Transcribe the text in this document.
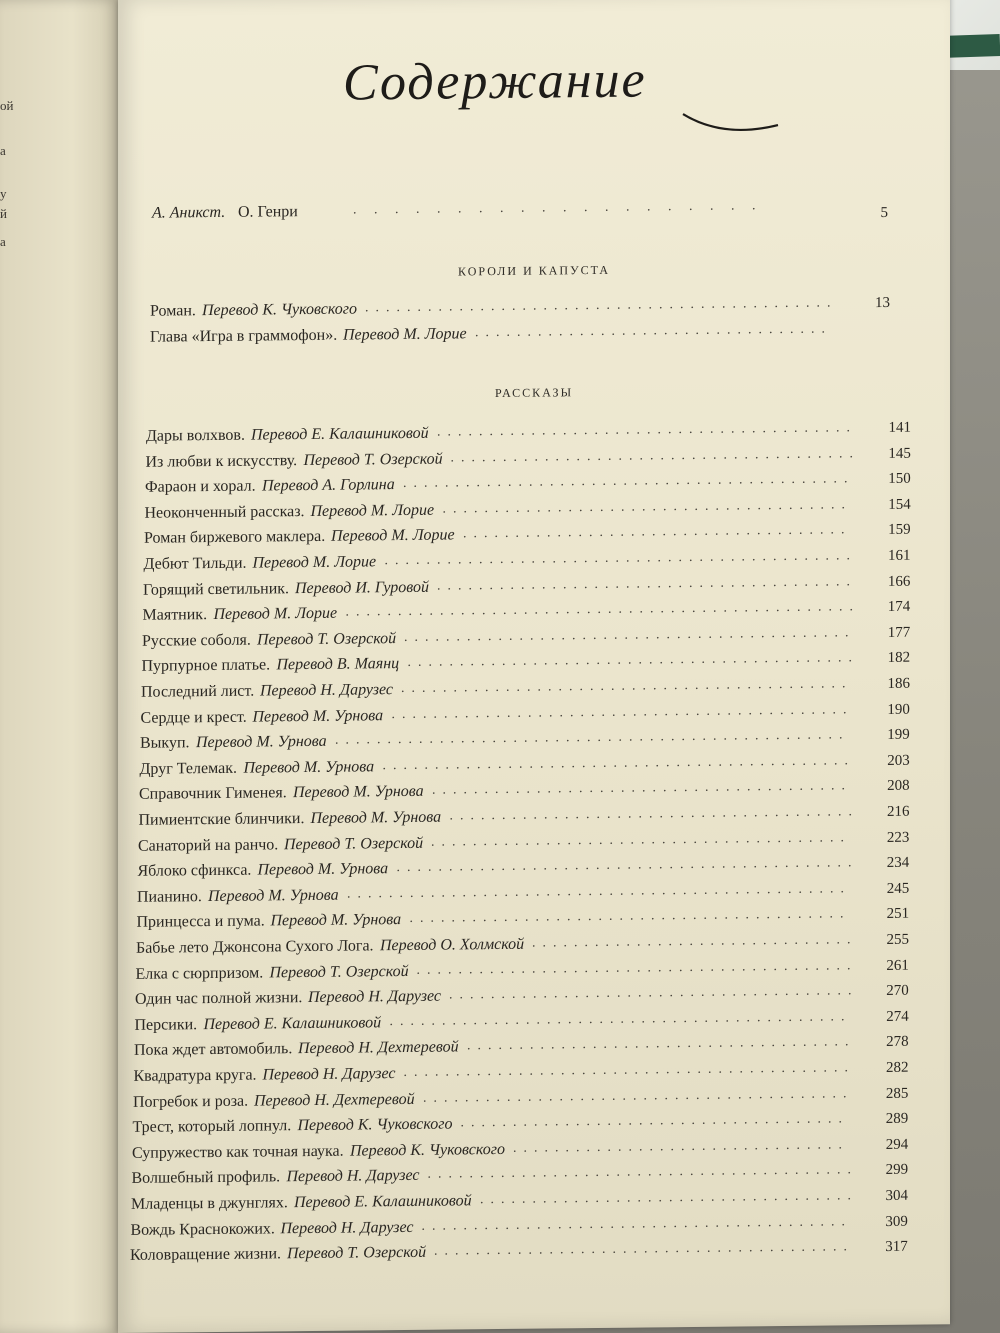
ой
а
у
й
а
Содержание
А. Аникст. О. Генри	. . . . . . . . . . . . . . . . . . . .	5
КОРОЛИ И КАПУСТА
Роман. Перевод К. Чуковского .............................................	13
Глава «Игра в граммофон». Перевод М. Лорие ..................................
РАССКАЗЫ
Дары волхвов. Перевод Е. Калашниковой ........................................	141
Из любви к искусству. Перевод Т. Озерской .......................................	145
Фараон и хорал. Перевод А. Горлина ...........................................	150
Неоконченный рассказ. Перевод М. Лорие .......................................	154
Роман биржевого маклера. Перевод М. Лорие .....................................	159
Дебют Тильди. Перевод М. Лорие .............................................	161
Горящий светильник. Перевод И. Гуровой ........................................	166
Маятник. Перевод М. Лорие .................................................	174
Русские соболя. Перевод Т. Озерской ...........................................	177
Пурпурное платье. Перевод В. Маянц ...........................................	182
Последний лист. Перевод Н. Дарузес ...........................................	186
Сердце и крест. Перевод М. Урнова ............................................	190
Выкуп. Перевод М. Урнова .................................................	199
Друг Телемак. Перевод М. Урнова .............................................	203
Справочник Гименея. Перевод М. Урнова ........................................	208
Пимиентские блинчики. Перевод М. Урнова .......................................	216
Санаторий на ранчо. Перевод Т. Озерской ........................................	223
Яблоко сфинкса. Перевод М. Урнова ............................................	234
Пианино. Перевод М. Урнова ................................................	245
Принцесса и пума. Перевод М. Урнова ..........................................	251
Бабье лето Джонсона Сухого Лога. Перевод О. Холмской ...............................	255
Елка с сюрпризом. Перевод Т. Озерской ..........................................	261
Один час полной жизни. Перевод Н. Дарузес .......................................	270
Персики. Перевод Е. Калашниковой ............................................	274
Пока ждет автомобиль. Перевод Н. Дехтеревой .....................................	278
Квадратура круга. Перевод Н. Дарузес ...........................................	282
Погребок и роза. Перевод Н. Дехтеревой .........................................	285
Трест, который лопнул. Перевод К. Чуковского .....................................	289
Супружество как точная наука. Перевод К. Чуковского ................................	294
Волшебный профиль. Перевод Н. Дарузес .........................................	299
Младенцы в джунглях. Перевод Е. Калашниковой ....................................	304
Вождь Краснокожих. Перевод Н. Дарузес .........................................	309
Коловращение жизни. Перевод Т. Озерской ........................................	317
